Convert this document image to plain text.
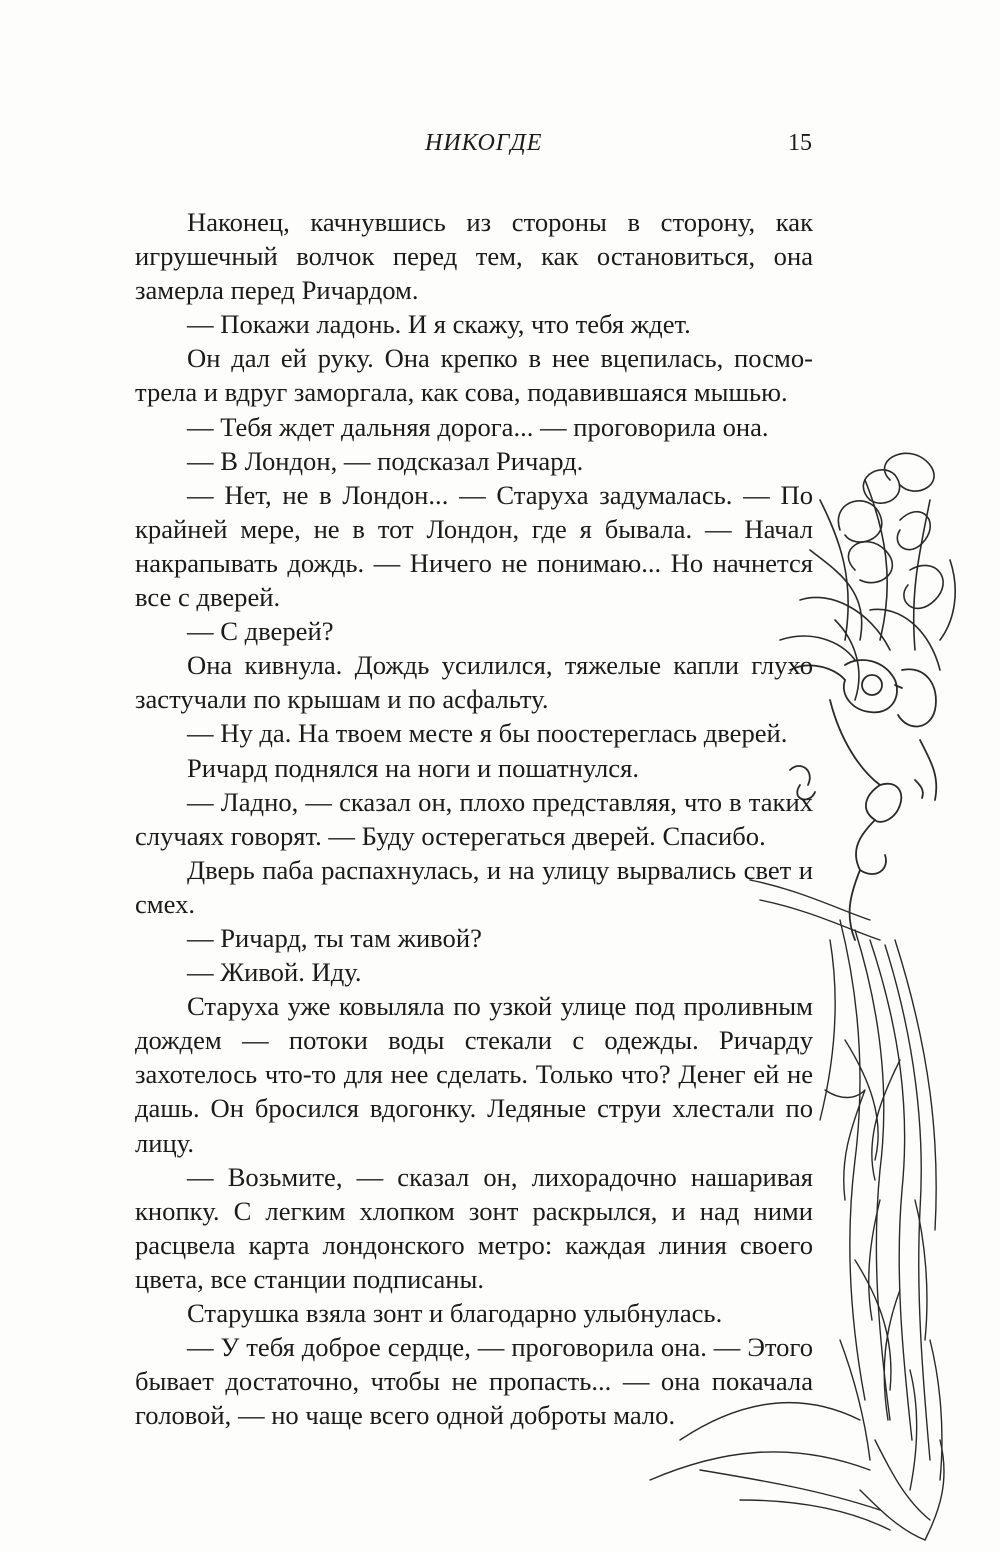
НИКОГДЕ	15

Наконец, качнувшись из стороны в сторону, как игрушечный волчок перед тем, как остановиться, она замерла перед Ричардом.

— Покажи ладонь. И я скажу, что тебя ждет.

Он дал ей руку. Она крепко в нее вцепилась, посмотрела и вдруг заморгала, как сова, подавившаяся мышью.

— Тебя ждет дальняя дорога... — проговорила она.

— В Лондон, — подсказал Ричард.

— Нет, не в Лондон... — Старуха задумалась. — По крайней мере, не в тот Лондон, где я бывала. — Начал накрапывать дождь. — Ничего не понимаю... Но начнется все с дверей.

— С дверей?

Она кивнула. Дождь усилился, тяжелые капли глухо застучали по крышам и по асфальту.

— Ну да. На твоем месте я бы поостереглась дверей.

Ричард поднялся на ноги и пошатнулся.

— Ладно, — сказал он, плохо представляя, что в таких случаях говорят. — Буду остерегаться дверей. Спасибо.

Дверь паба распахнулась, и на улицу вырвались свет и смех.

— Ричард, ты там живой?

— Живой. Иду.

Старуха уже ковыляла по узкой улице под проливным дождем — потоки воды стекали с одежды. Ричарду захотелось что-то для нее сделать. Только что? Денег ей не дашь. Он бросился вдогонку. Ледяные струи хлестали по лицу.

— Возьмите, — сказал он, лихорадочно нашаривая кнопку. С легким хлопком зонт раскрылся, и над ними расцвела карта лондонского метро: каждая линия своего цвета, все станции подписаны.

Старушка взяла зонт и благодарно улыбнулась.

— У тебя доброе сердце, — проговорила она. — Этого бывает достаточно, чтобы не пропасть... — она покачала головой, — но чаще всего одной доброты мало.
